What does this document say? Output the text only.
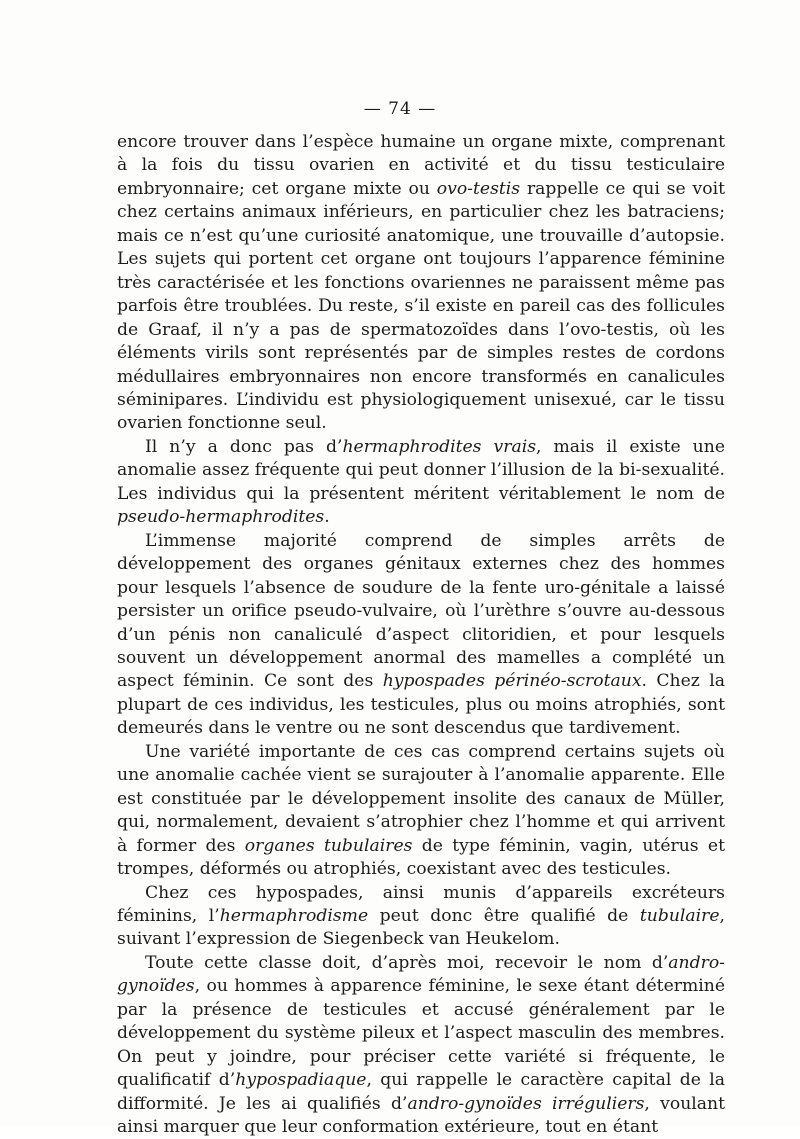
— 74 —

encore trouver dans l’espèce humaine un organe mixte, comprenant à la fois du tissu ovarien en activité et du tissu testiculaire embryonnaire; cet organe mixte ou ovo-testis rappelle ce qui se voit chez certains animaux inférieurs, en particulier chez les batraciens; mais ce n’est qu’une curiosité anatomique, une trouvaille d’autopsie. Les sujets qui portent cet organe ont toujours l’apparence féminine très caractérisée et les fonctions ovariennes ne paraissent même pas parfois être troublées. Du reste, s’il existe en pareil cas des follicules de Graaf, il n’y a pas de spermatozoïdes dans l’ovo-testis, où les éléments virils sont représentés par de simples restes de cordons médullaires embryonnaires non encore transformés en canalicules séminipares. L’individu est physiologiquement unisexué, car le tissu ovarien fonctionne seul.

Il n’y a donc pas d’hermaphrodites vrais, mais il existe une anomalie assez fréquente qui peut donner l’illusion de la bi-sexualité. Les individus qui la présentent méritent véritablement le nom de pseudo-hermaphrodites.

L’immense majorité comprend de simples arrêts de développement des organes génitaux externes chez des hommes pour lesquels l’absence de soudure de la fente uro-génitale a laissé persister un orifice pseudo-vulvaire, où l’urèthre s’ouvre au-dessous d’un pénis non canaliculé d’aspect clitoridien, et pour lesquels souvent un développement anormal des mamelles a complété un aspect féminin. Ce sont des hypospades périnéo-scrotaux. Chez la plupart de ces individus, les testicules, plus ou moins atrophiés, sont demeurés dans le ventre ou ne sont descendus que tardivement.

Une variété importante de ces cas comprend certains sujets où une anomalie cachée vient se surajouter à l’anomalie apparente. Elle est constituée par le développement insolite des canaux de Müller, qui, normalement, devaient s’atrophier chez l’homme et qui arrivent à former des organes tubulaires de type féminin, vagin, utérus et trompes, déformés ou atrophiés, coexistant avec des testicules.

Chez ces hypospades, ainsi munis d’appareils excréteurs féminins, l’hermaphrodisme peut donc être qualifié de tubulaire, suivant l’expression de Siegenbeck van Heukelom.

Toute cette classe doit, d’après moi, recevoir le nom d’andro-gynoïdes, ou hommes à apparence féminine, le sexe étant déterminé par la présence de testicules et accusé généralement par le développement du système pileux et l’aspect masculin des membres. On peut y joindre, pour préciser cette variété si fréquente, le qualificatif d’hypospadiaque, qui rappelle le caractère capital de la difformité. Je les ai qualifiés d’andro-gynoïdes irréguliers, voulant ainsi marquer que leur conformation extérieure, tout en étant
